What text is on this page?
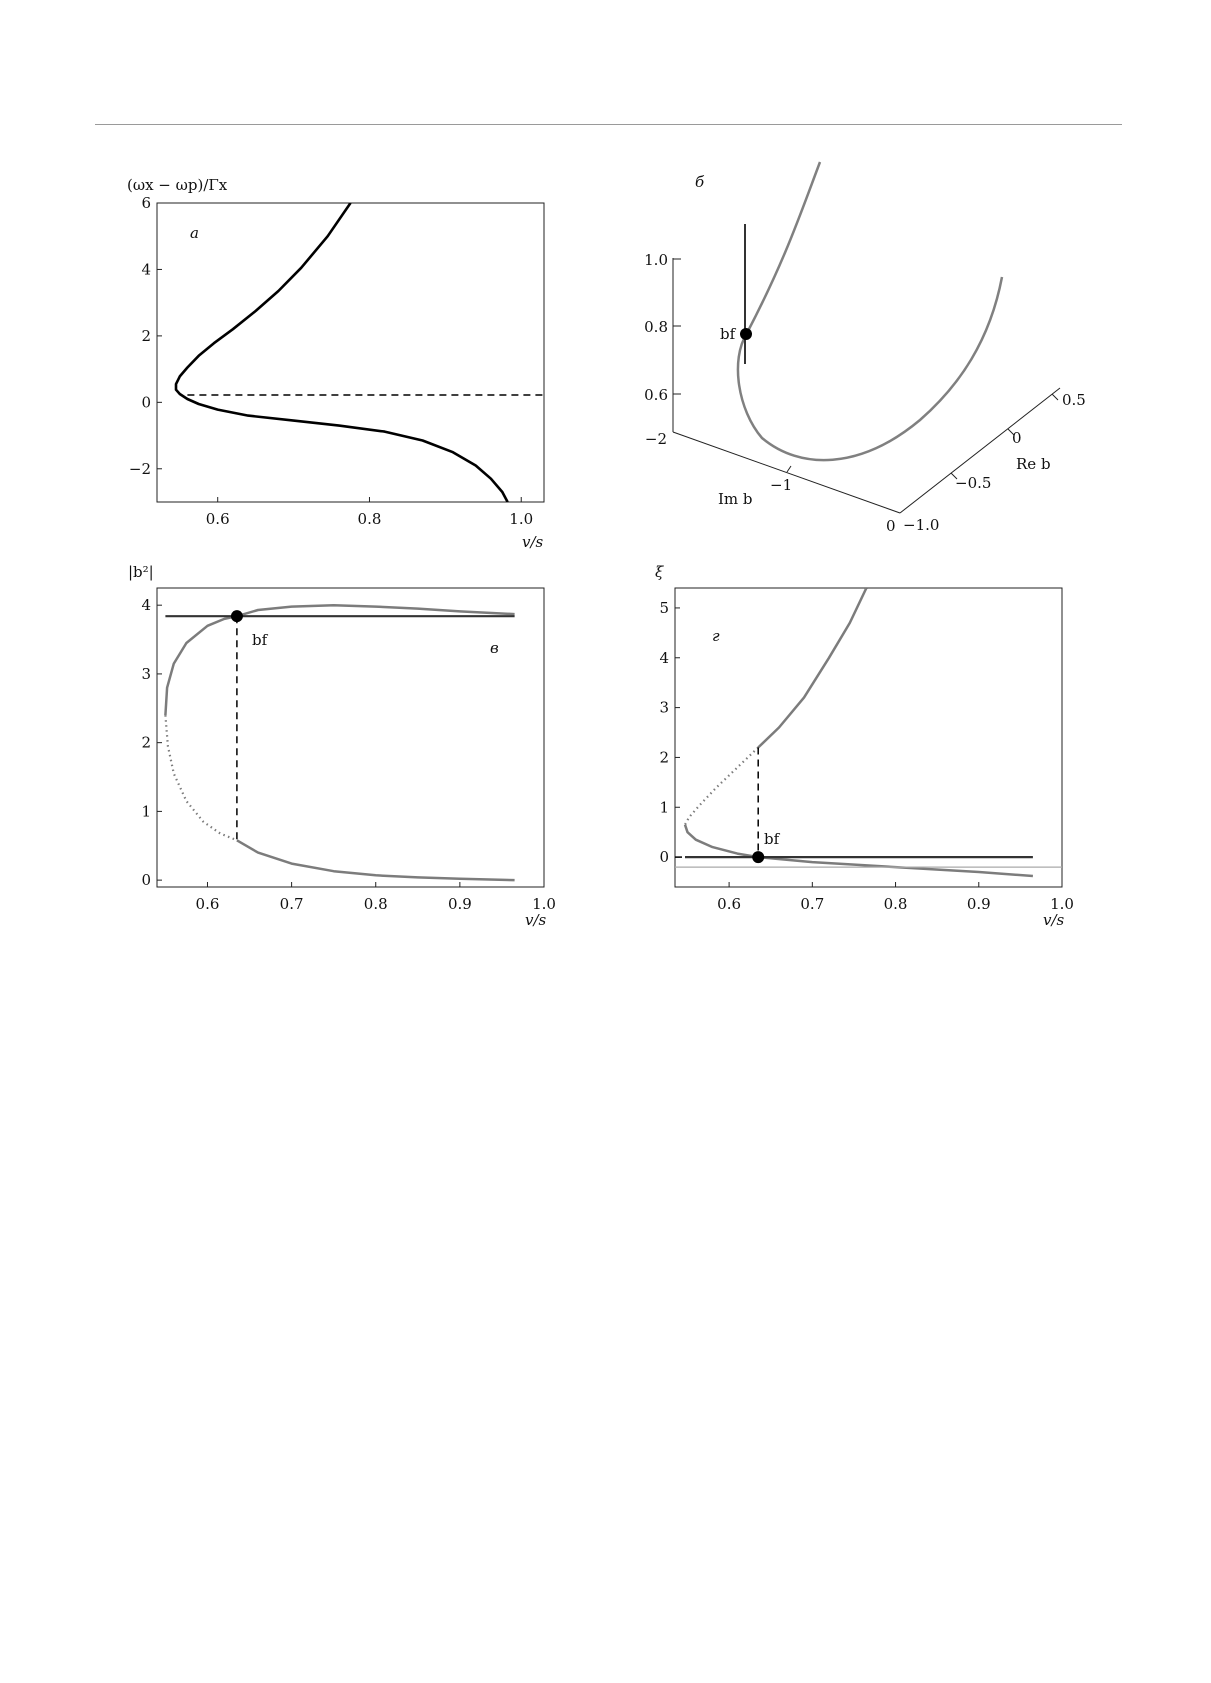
0.6	0.8	1.0
6
4
2
0
−2
(ωx − ωp)/Γx
v/s
а
б
1.0
0.8
0.6
−2
−1
0
Im b
−1.0
−0.5
0
0.5
Re b
bf
0.6	0.7	0.8	0.9	1.0
4
3
2
1
0
|b²|
v/s
в
bf
0.6	0.7	0.8	0.9	1.0
5
4
3
2
1
0
ξ
v/s
г
bf
